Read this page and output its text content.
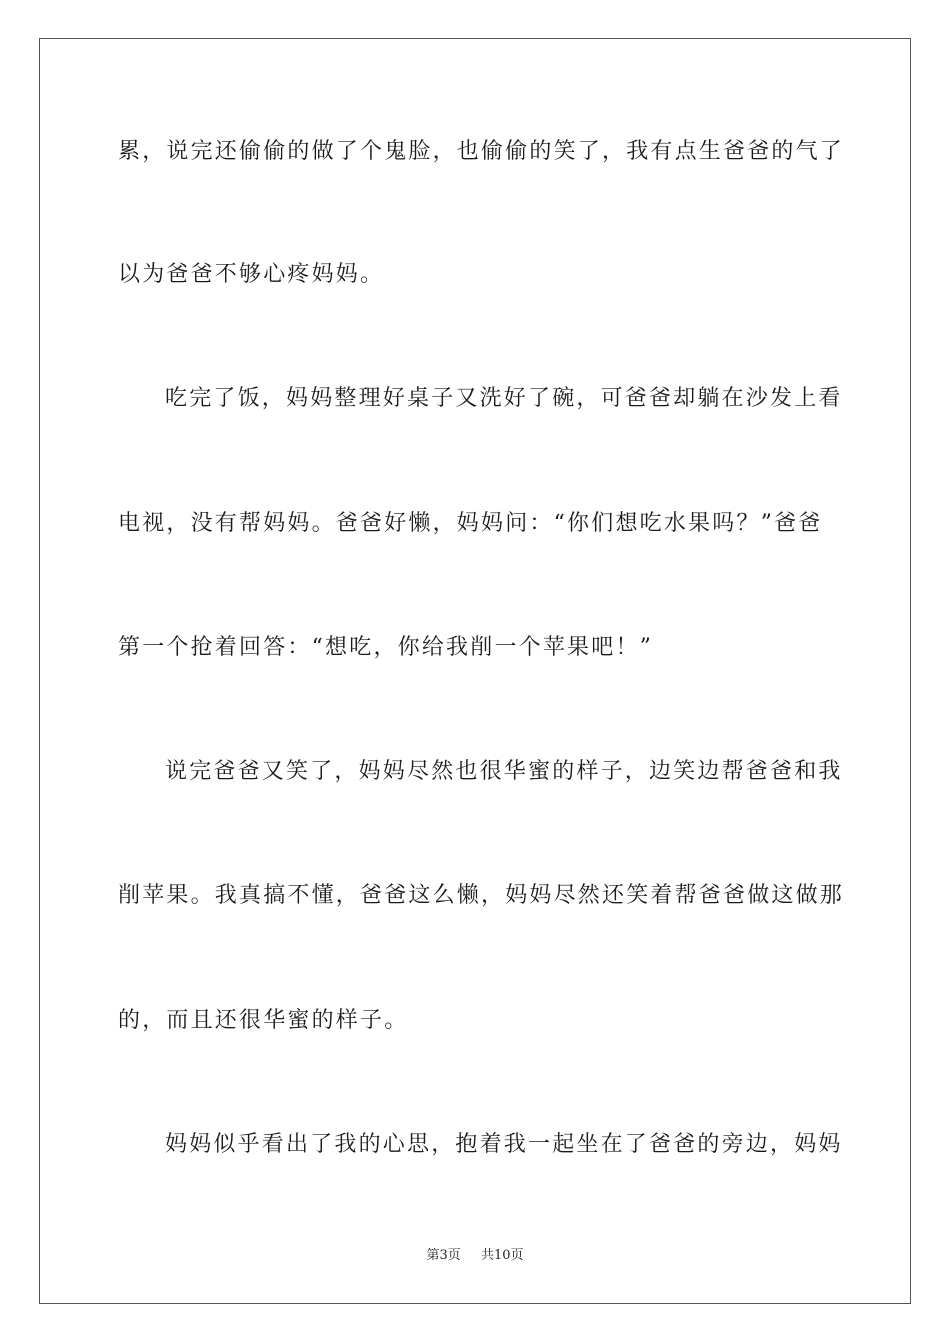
累，说完还偷偷的做了个鬼脸，也偷偷的笑了，我有点生爸爸的气了
以为爸爸不够心疼妈妈。
吃完了饭，妈妈整理好桌子又洗好了碗，可爸爸却躺在沙发上看
电视，没有帮妈妈。爸爸好懒，妈妈问：“你们想吃水果吗？”爸爸
第一个抢着回答：“想吃，你给我削一个苹果吧！”
说完爸爸又笑了，妈妈尽然也很华蜜的样子，边笑边帮爸爸和我
削苹果。我真搞不懂，爸爸这么懒，妈妈尽然还笑着帮爸爸做这做那
的，而且还很华蜜的样子。
妈妈似乎看出了我的心思，抱着我一起坐在了爸爸的旁边，妈妈
第3页 共10页
